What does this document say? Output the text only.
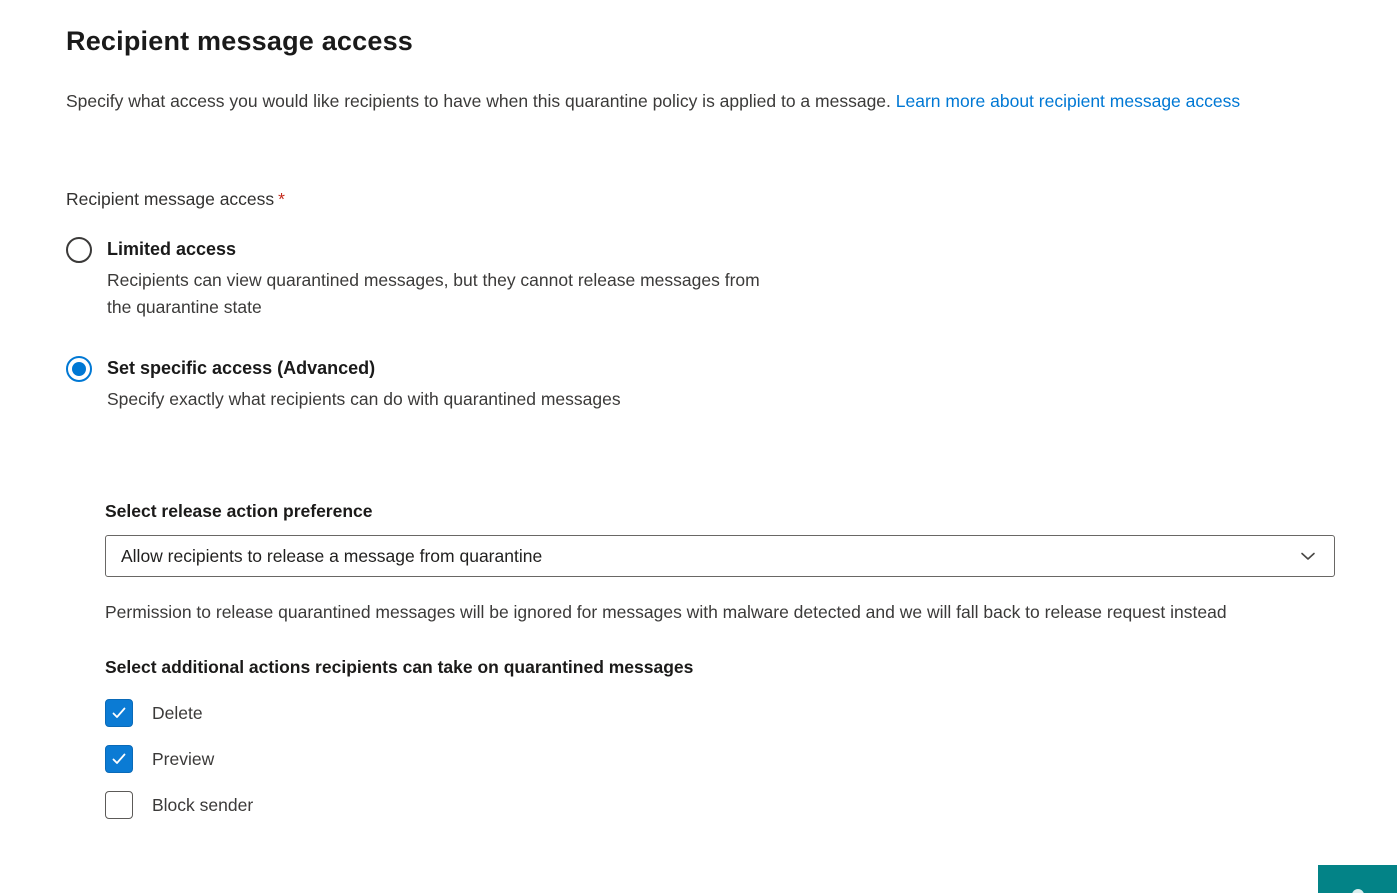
Recipient message access

Specify what access you would like recipients to have when this quarantine policy is applied to a message. Learn more about recipient message access

Recipient message access *
Limited access
Recipients can view quarantined messages, but they cannot release messages from the quarantine state
Set specific access (Advanced)
Specify exactly what recipients can do with quarantined messages
Select release action preference
Allow recipients to release a message from quarantine

Permission to release quarantined messages will be ignored for messages with malware detected and we will fall back to release request instead

Select additional actions recipients can take on quarantined messages
Delete
Preview
Block sender
